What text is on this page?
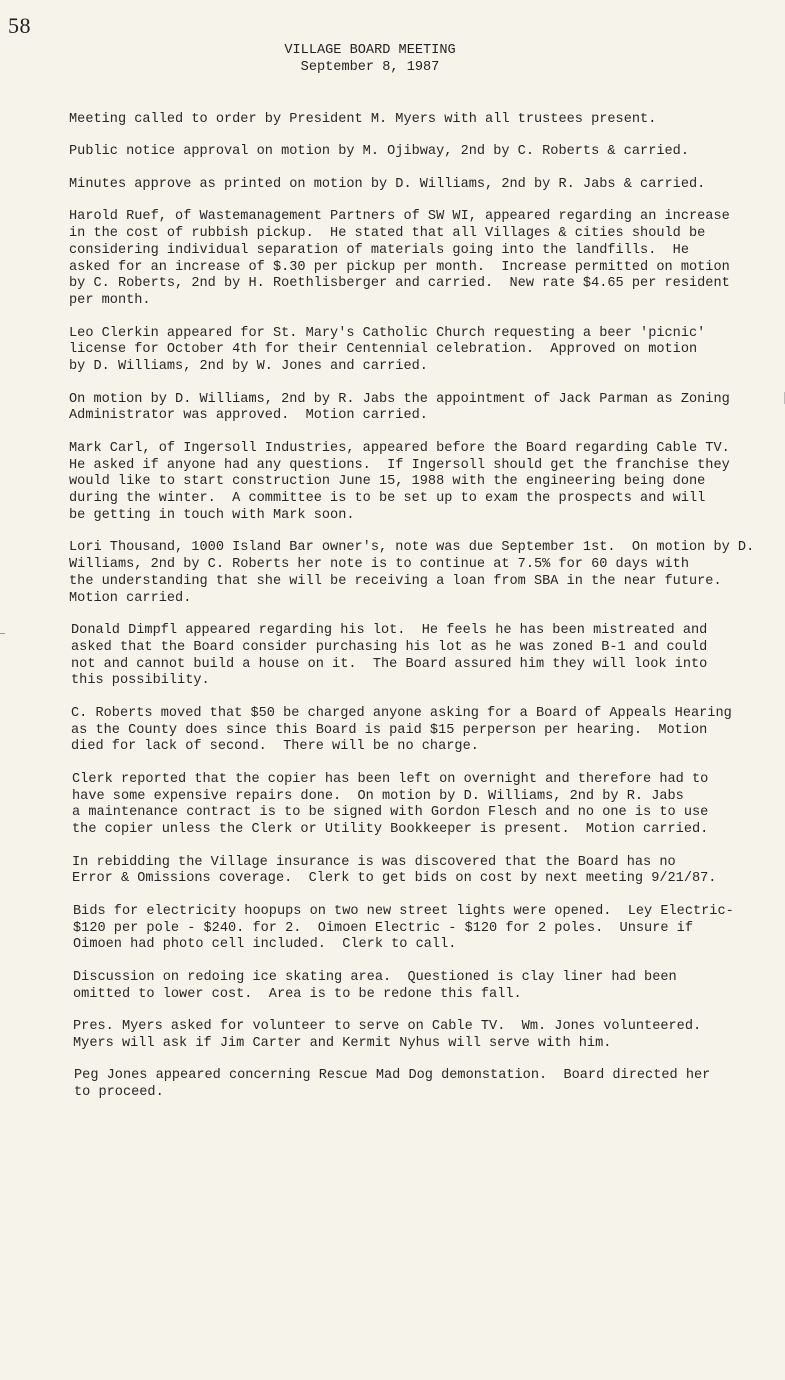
58
VILLAGE BOARD MEETING
September 8, 1987

Meeting called to order by President M. Myers with all trustees present.

Public notice approval on motion by M. Ojibway, 2nd by C. Roberts & carried.

Minutes approve as printed on motion by D. Williams, 2nd by R. Jabs & carried.

Harold Ruef, of Wastemanagement Partners of SW WI, appeared regarding an increase
in the cost of rubbish pickup.  He stated that all Villages & cities should be
considering individual separation of materials going into the landfills.  He
asked for an increase of $.30 per pickup per month.  Increase permitted on motion
by C. Roberts, 2nd by H. Roethlisberger and carried.  New rate $4.65 per resident
per month.

Leo Clerkin appeared for St. Mary's Catholic Church requesting a beer 'picnic'
license for October 4th for their Centennial celebration.  Approved on motion
by D. Williams, 2nd by W. Jones and carried.

On motion by D. Williams, 2nd by R. Jabs the appointment of Jack Parman as Zoning
Administrator was approved.  Motion carried.

Mark Carl, of Ingersoll Industries, appeared before the Board regarding Cable TV.
He asked if anyone had any questions.  If Ingersoll should get the franchise they
would like to start construction June 15, 1988 with the engineering being done
during the winter.  A committee is to be set up to exam the prospects and will
be getting in touch with Mark soon.

Lori Thousand, 1000 Island Bar owner's, note was due September 1st.  On motion by D.
Williams, 2nd by C. Roberts her note is to continue at 7.5% for 60 days with
the understanding that she will be receiving a loan from SBA in the near future.
Motion carried.

Donald Dimpfl appeared regarding his lot.  He feels he has been mistreated and
asked that the Board consider purchasing his lot as he was zoned B-1 and could
not and cannot build a house on it.  The Board assured him they will look into
this possibility.

C. Roberts moved that $50 be charged anyone asking for a Board of Appeals Hearing
as the County does since this Board is paid $15 perperson per hearing.  Motion
died for lack of second.  There will be no charge.

Clerk reported that the copier has been left on overnight and therefore had to
have some expensive repairs done.  On motion by D. Williams, 2nd by R. Jabs
a maintenance contract is to be signed with Gordon Flesch and no one is to use
the copier unless the Clerk or Utility Bookkeeper is present.  Motion carried.

In rebidding the Village insurance is was discovered that the Board has no
Error & Omissions coverage.  Clerk to get bids on cost by next meeting 9/21/87.

Bids for electricity hoopups on two new street lights were opened.  Ley Electric-
$120 per pole - $240. for 2.  Oimoen Electric - $120 for 2 poles.  Unsure if
Oimoen had photo cell included.  Clerk to call.

Discussion on redoing ice skating area.  Questioned is clay liner had been
omitted to lower cost.  Area is to be redone this fall.

Pres. Myers asked for volunteer to serve on Cable TV.  Wm. Jones volunteered.
Myers will ask if Jim Carter and Kermit Nyhus will serve with him.

Peg Jones appeared concerning Rescue Mad Dog demonstation.  Board directed her
to proceed.
